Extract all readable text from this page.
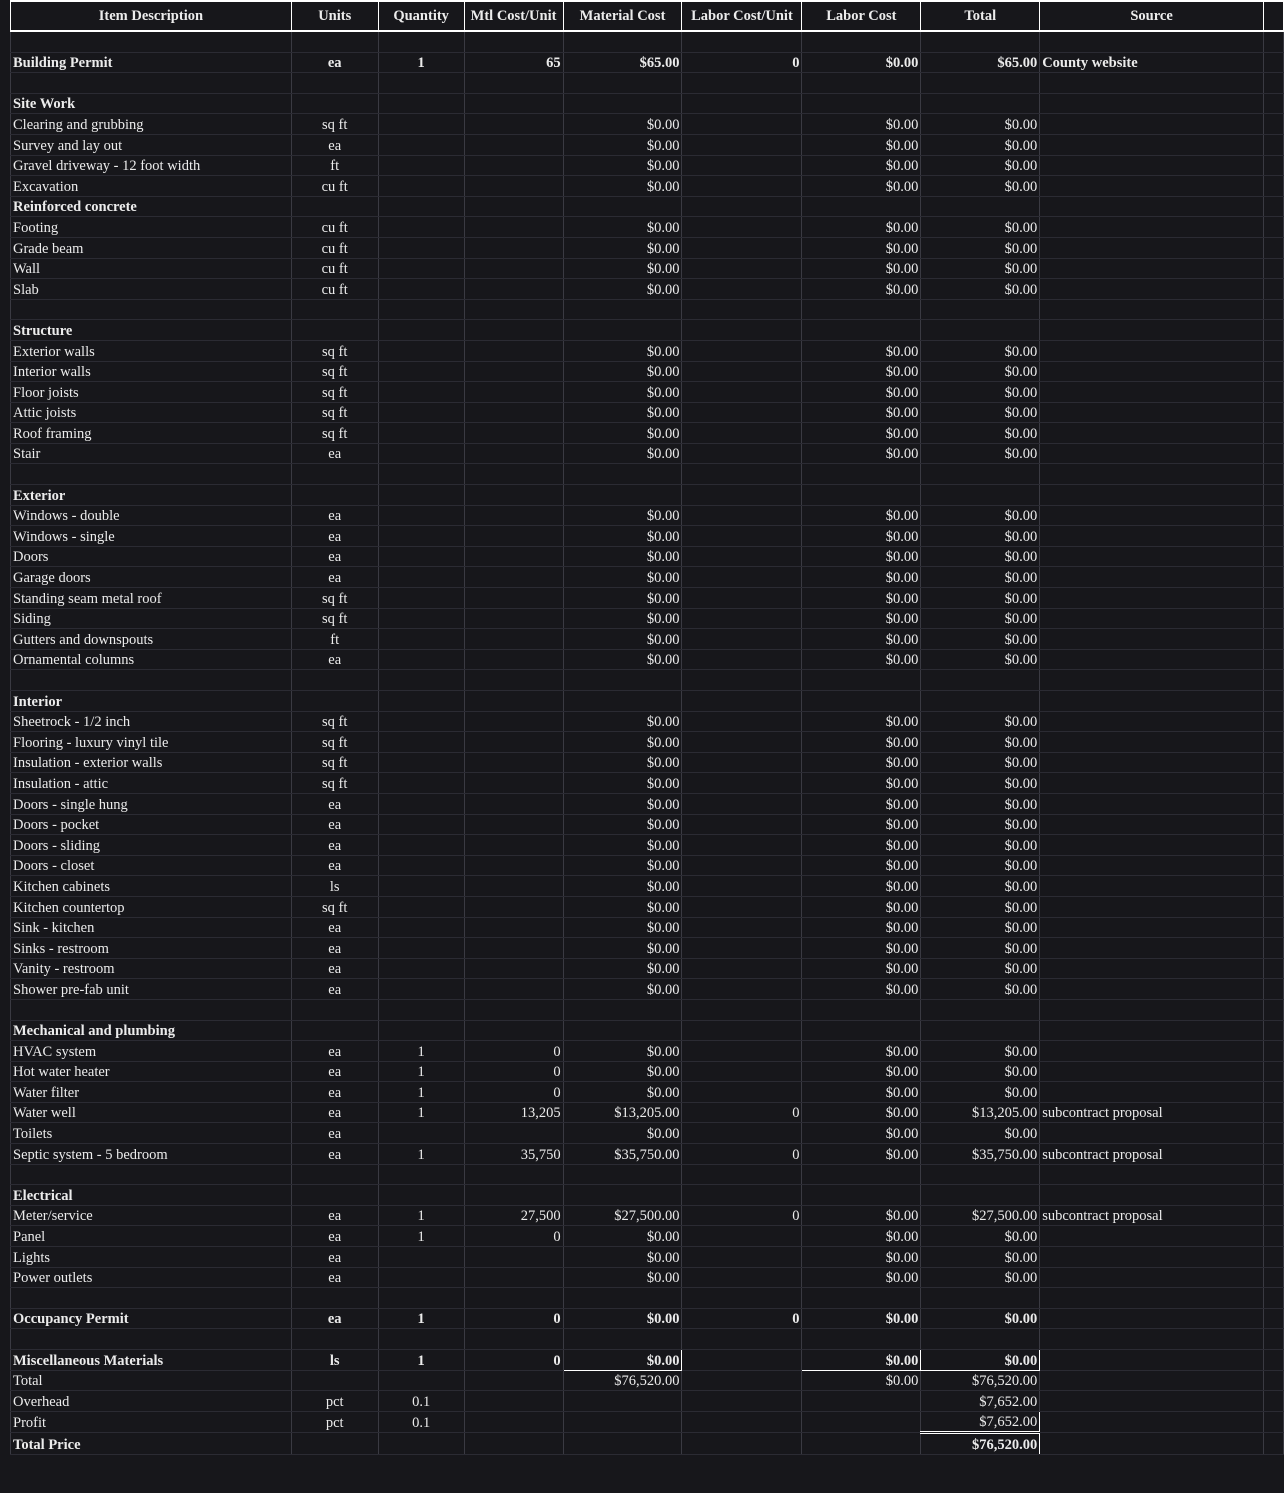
Item Description	Units	Quantity	Mtl Cost/Unit	Material Cost	Labor Cost/Unit	Labor Cost	Total	Source	

Building Permit	ea	1	65	$65.00	0	$0.00	$65.00	County website	

Site Work									
Clearing and grubbing	sq ft			$0.00		$0.00	$0.00		
Survey and lay out	ea			$0.00		$0.00	$0.00		
Gravel driveway - 12 foot width	ft			$0.00		$0.00	$0.00		
Excavation	cu ft			$0.00		$0.00	$0.00		
Reinforced concrete									
Footing	cu ft			$0.00		$0.00	$0.00		
Grade beam	cu ft			$0.00		$0.00	$0.00		
Wall	cu ft			$0.00		$0.00	$0.00		
Slab	cu ft			$0.00		$0.00	$0.00		

Structure									
Exterior walls	sq ft			$0.00		$0.00	$0.00		
Interior walls	sq ft			$0.00		$0.00	$0.00		
Floor joists	sq ft			$0.00		$0.00	$0.00		
Attic joists	sq ft			$0.00		$0.00	$0.00		
Roof framing	sq ft			$0.00		$0.00	$0.00		
Stair	ea			$0.00		$0.00	$0.00		

Exterior									
Windows - double	ea			$0.00		$0.00	$0.00		
Windows - single	ea			$0.00		$0.00	$0.00		
Doors	ea			$0.00		$0.00	$0.00		
Garage doors	ea			$0.00		$0.00	$0.00		
Standing seam metal roof	sq ft			$0.00		$0.00	$0.00		
Siding	sq ft			$0.00		$0.00	$0.00		
Gutters and downspouts	ft			$0.00		$0.00	$0.00		
Ornamental columns	ea			$0.00		$0.00	$0.00		

Interior									
Sheetrock - 1/2 inch	sq ft			$0.00		$0.00	$0.00		
Flooring - luxury vinyl tile	sq ft			$0.00		$0.00	$0.00		
Insulation - exterior walls	sq ft			$0.00		$0.00	$0.00		
Insulation - attic	sq ft			$0.00		$0.00	$0.00		
Doors - single hung	ea			$0.00		$0.00	$0.00		
Doors - pocket	ea			$0.00		$0.00	$0.00		
Doors - sliding	ea			$0.00		$0.00	$0.00		
Doors - closet	ea			$0.00		$0.00	$0.00		
Kitchen cabinets	ls			$0.00		$0.00	$0.00		
Kitchen countertop	sq ft			$0.00		$0.00	$0.00		
Sink - kitchen	ea			$0.00		$0.00	$0.00		
Sinks - restroom	ea			$0.00		$0.00	$0.00		
Vanity - restroom	ea			$0.00		$0.00	$0.00		
Shower pre-fab unit	ea			$0.00		$0.00	$0.00		

Mechanical and plumbing									
HVAC system	ea	1	0	$0.00		$0.00	$0.00		
Hot water heater	ea	1	0	$0.00		$0.00	$0.00		
Water filter	ea	1	0	$0.00		$0.00	$0.00		
Water well	ea	1	13,205	$13,205.00	0	$0.00	$13,205.00	subcontract proposal	
Toilets	ea			$0.00		$0.00	$0.00		
Septic system - 5 bedroom	ea	1	35,750	$35,750.00	0	$0.00	$35,750.00	subcontract proposal	

Electrical									
Meter/service	ea	1	27,500	$27,500.00	0	$0.00	$27,500.00	subcontract proposal	
Panel	ea	1	0	$0.00		$0.00	$0.00		
Lights	ea			$0.00		$0.00	$0.00		
Power outlets	ea			$0.00		$0.00	$0.00		

Occupancy Permit	ea	1	0	$0.00	0	$0.00	$0.00		

Miscellaneous Materials	ls	1	0	$0.00		$0.00	$0.00		
Total				$76,520.00		$0.00	$76,520.00		
Overhead	pct	0.1					$7,652.00		
Profit	pct	0.1					$7,652.00		
Total Price							$76,520.00		
